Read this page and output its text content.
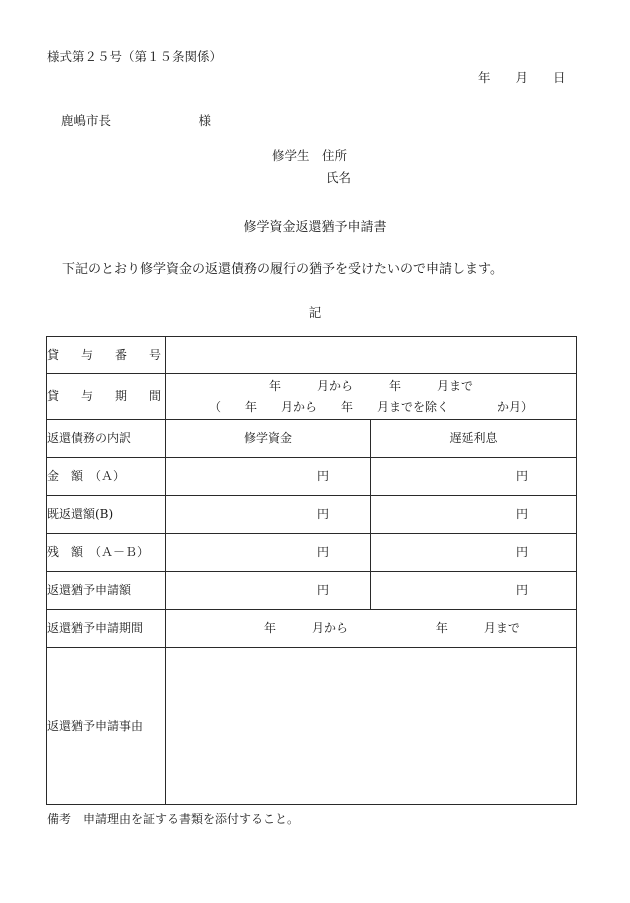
様式第２５号（第１５条関係）
年　　月　　日
鹿嶋市長　　　　　　　様
修学生　住所
氏名
修学資金返還猶予申請書
下記のとおり修学資金の返還債務の履行の猶予を受けたいので申請します。
記
貸 与 番 号		

貸 与 期 間	年　　　月から　　　年　　　月まで
（　　年　　月から　　年　　月までを除く　　　　か月）	

返還債務の内訳	修学資金	遅延利息
金　額　（Ａ）	円	円
既返還額(B)	円	円
残　額　（Ａ－Ｂ）	円	円
返還猶予申請額	円	円
返還猶予申請期間	年　　　月から 年　　　月まで	
返還猶予申請事由		
備考　申請理由を証する書類を添付すること。
